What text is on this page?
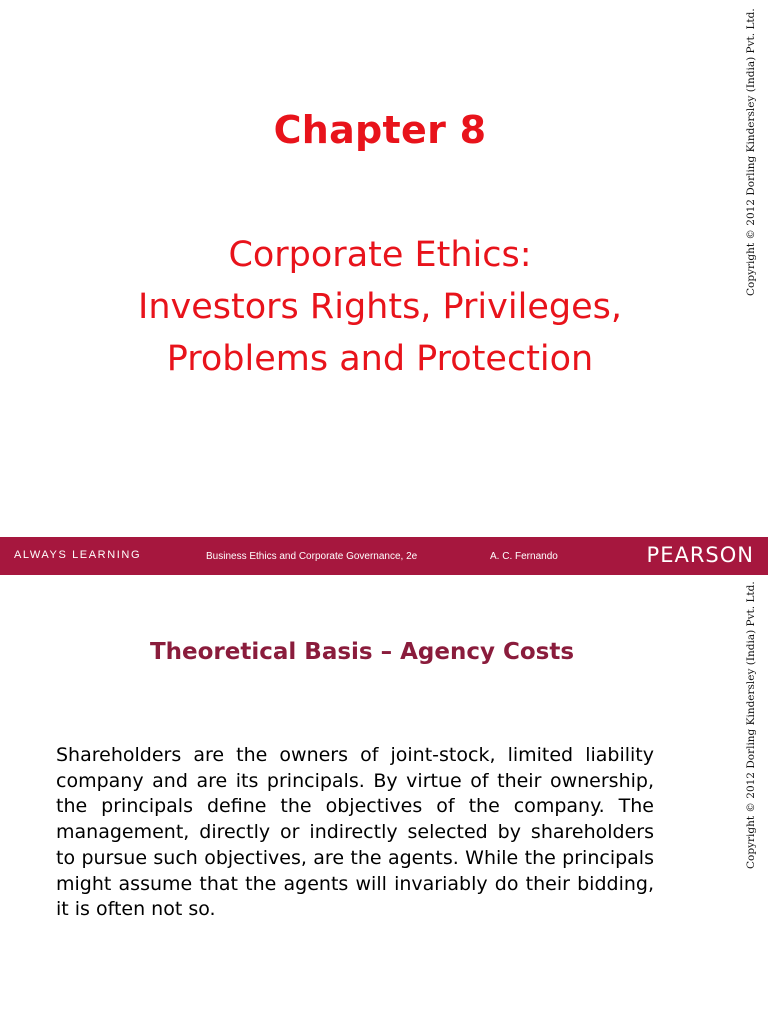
Copyright © 2012 Dorling Kindersley (India) Pvt. Ltd.
Chapter 8
Corporate Ethics:
Investors Rights, Privileges,
Problems and Protection
ALWAYS LEARNING	Business Ethics and Corporate Governance, 2e	A. C. Fernando	PEARSON
Copyright © 2012 Dorling Kindersley (India) Pvt. Ltd.
Theoretical Basis – Agency Costs
Shareholders are the owners of joint-stock, limited liability company and are its principals. By virtue of their ownership, the principals define the objectives of the company. The management, directly or indirectly selected by shareholders to pursue such objectives, are the agents. While the principals might assume that the agents will invariably do their bidding, it is often not so.
